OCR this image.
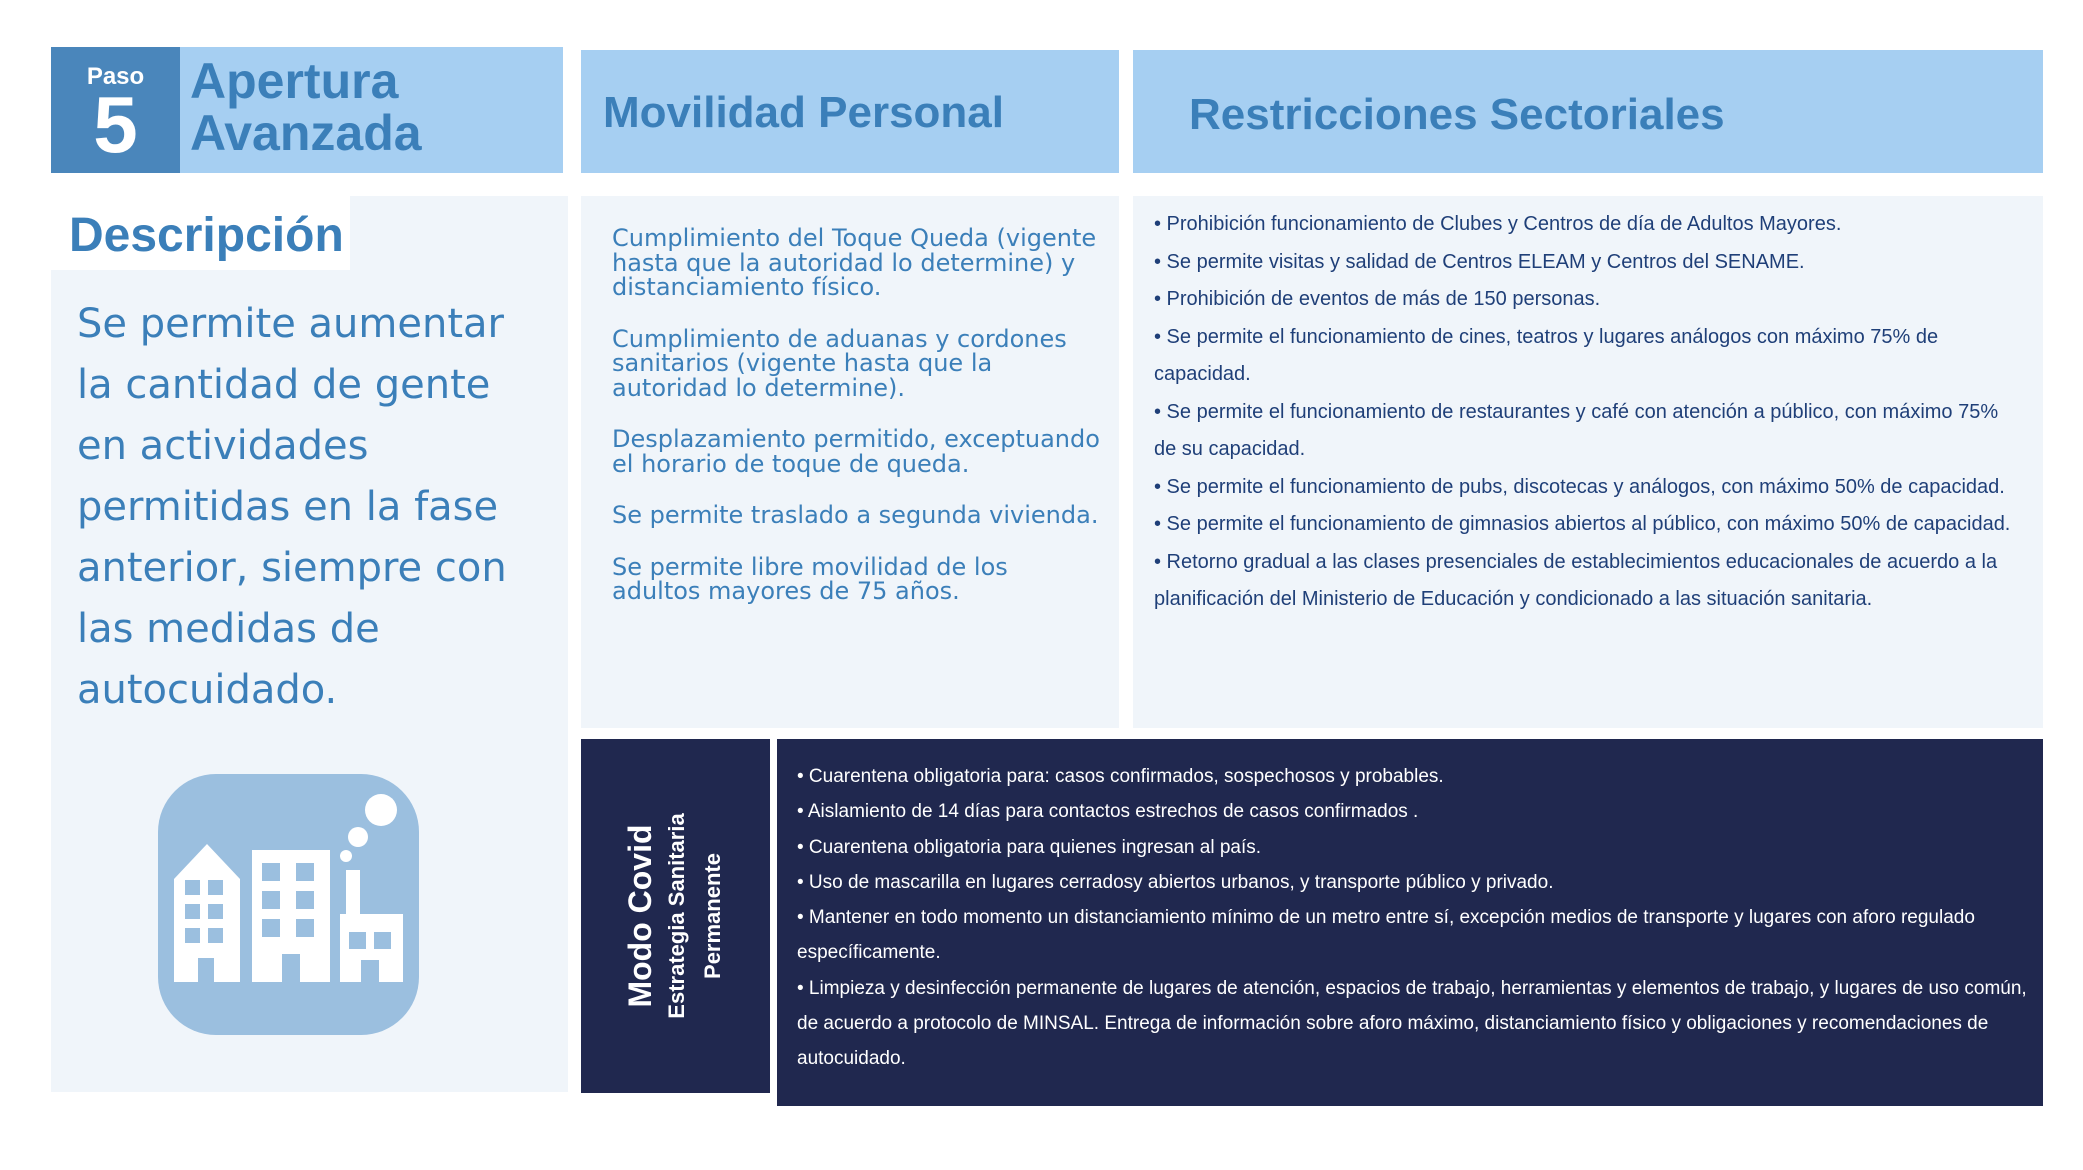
Paso
5	Apertura
Avanzada	Movilidad Personal	Restricciones Sectoriales
Descripción
Se permite aumentar la cantidad de gente en actividades permitidas en la fase anterior, siempre con las medidas de autocuidado.
Cumplimiento del Toque Queda (vigente hasta que la autoridad lo determine) y distanciamiento físico.
Cumplimiento de aduanas y cordones sanitarios (vigente hasta que la autoridad lo determine).
Desplazamiento permitido, exceptuando el horario de toque de queda.
Se permite traslado a segunda vivienda.
Se permite libre movilidad de los adultos mayores de 75 años.
• Prohibición funcionamiento de Clubes y Centros de día de Adultos Mayores.
• Se permite visitas y salidad de Centros ELEAM y Centros del SENAME.
• Prohibición de eventos de más de 150 personas.
• Se permite el funcionamiento de cines, teatros y lugares análogos con máximo 75% de capacidad.
• Se permite el funcionamiento de restaurantes y café con atención a público, con máximo 75% de su capacidad.
• Se permite el funcionamiento de pubs, discotecas y análogos, con máximo 50% de capacidad.
• Se permite el funcionamiento de gimnasios abiertos al público, con máximo 50% de capacidad.
• Retorno gradual a las clases presenciales de establecimientos educacionales de acuerdo a la planificación del Ministerio de Educación y condicionado a las situación sanitaria.
Modo Covid Estrategia Sanitaria Permanente
• Cuarentena obligatoria para: casos confirmados, sospechosos y probables.
• Aislamiento de 14 días para contactos estrechos de casos confirmados .
• Cuarentena obligatoria para quienes ingresan al país.
• Uso de mascarilla en lugares cerradosy abiertos urbanos, y transporte público y privado.
• Mantener en todo momento un distanciamiento mínimo de un metro entre sí, excepción medios de transporte y lugares con aforo regulado específicamente.
• Limpieza y desinfección permanente de lugares de atención, espacios de trabajo, herramientas y elementos de trabajo, y lugares de uso común, de acuerdo a protocolo de MINSAL. Entrega de información sobre aforo máximo, distanciamiento físico y obligaciones y recomendaciones de autocuidado.
